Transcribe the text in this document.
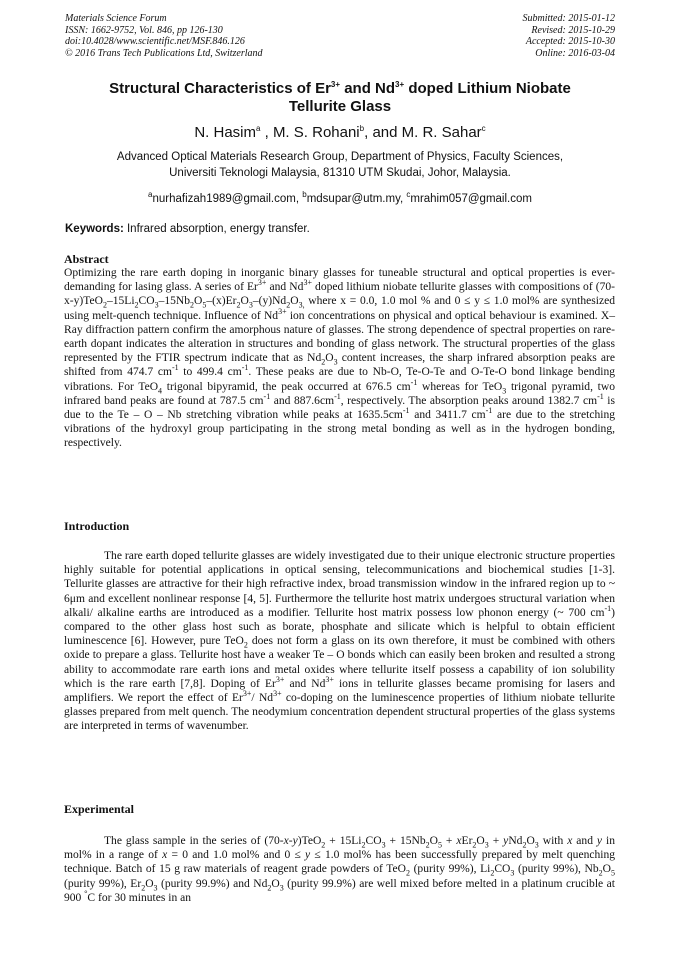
Materials Science Forum
ISSN: 1662-9752, Vol. 846, pp 126-130
doi:10.4028/www.scientific.net/MSF.846.126
© 2016 Trans Tech Publications Ltd, Switzerland
Submitted: 2015-01-12
Revised: 2015-10-29
Accepted: 2015-10-30
Online: 2016-03-04
Structural Characteristics of $Er^{3+}$ and $Nd^{3+}$ doped Lithium Niobate
Tellurite Glass
N. Hasim$^a$ , M. S. Rohani$^b$, and M. R. Sahar$^c$
Advanced Optical Materials Research Group, Department of Physics, Faculty Sciences,
Universiti Teknologi Malaysia, 81310 UTM Skudai, Johor, Malaysia.
$^a$nurhafizah1989@gmail.com, $^b$mdsupar@utm.my, $^c$mrahim057@gmail.com
Keywords: Infrared absorption, energy transfer.
Abstract
Optimizing the rare earth doping in inorganic binary glasses for tuneable structural and optical properties is ever-demanding for lasing glass. A series of $Er^{3+}$ and $Nd^{3+}$ doped lithium niobate tellurite glasses with compositions of $(70-x-y)TeO_2-15Li_2CO_3-15Nb_2O_5-(x)Er_2O_3-(y)Nd_2O_{3,}$ where x = 0.0, 1.0 mol % and 0 ≤ y ≤ 1.0 mol% are synthesized using melt-quench technique. Influence of $Nd^{3+}$ ion concentrations on physical and optical behaviour is examined. X–Ray diffraction pattern confirm the amorphous nature of glasses. The strong dependence of spectral properties on rare-earth dopant indicates the alteration in structures and bonding of glass network. The structural properties of the glass represented by the FTIR spectrum indicate that as $Nd_2O_3$ content increases, the sharp infrared absorption peaks are shifted from 474.7 $cm^{-1}$ to 499.4 $cm^{-1}$. These peaks are due to Nb-O, Te-O-Te and O-Te-O bond linkage bending vibrations. For TeO$_4$ trigonal bipyramid, the peak occurred at 676.5 $cm^{-1}$ whereas for TeO$_3$ trigonal pyramid, two infrared band peaks are found at 787.5 $cm^{-1}$ and $887.6cm^{-1}$, respectively. The absorption peaks around 1382.7 $cm^{-1}$ is due to the Te – O – Nb stretching vibration while peaks at $1635.5cm^{-1}$ and 3411.7 $cm^{-1}$ are due to the stretching vibrations of the hydroxyl group participating in the strong metal bonding as well as in the hydrogen bonding, respectively.
Introduction
The rare earth doped tellurite glasses are widely investigated due to their unique electronic structure properties highly suitable for potential applications in optical sensing, telecommunications and biochemical studies [1-3]. Tellurite glasses are attractive for their high refractive index, broad transmission window in the infrared region up to ~ 6μm and excellent nonlinear response [4, 5]. Furthermore the tellurite host matrix undergoes structural variation when alkali/ alkaline earths are introduced as a modifier. Tellurite host matrix possess low phonon energy (~ 700 $cm^{-1}$) compared to the other glass host such as borate, phosphate and silicate which is helpful to obtain efficient luminescence [6]. However, pure TeO$_2$ does not form a glass on its own therefore, it must be combined with others oxide to prepare a glass. Tellurite host have a weaker Te – O bonds which can easily been broken and resulted a strong ability to accommodate rare earth ions and metal oxides where tellurite itself possess a capability of ion solubility which is the rare earth [7,8]. Doping of $Er^{3+}$ and $Nd^{3+}$ ions in tellurite glasses became promising for lasers and amplifiers. We report the effect of $Er^{3+}/$ $Nd^{3+}$ co-doping on the luminescence properties of lithium niobate tellurite glasses prepared from melt quench. The neodymium concentration dependent structural properties of the glass systems are interpreted in terms of wavenumber.
Experimental
The glass sample in the series of $(70-x-y)TeO_2 + 15Li_2CO_3 + 15Nb_2O_5 + xEr_2O_3 + yNd_2O_3$ with x and y in mol% in a range of x = 0 and 1.0 mol% and 0 ≤ y ≤ 1.0 mol% has been successfully prepared by melt quenching technique. Batch of 15 g raw materials of reagent grade powders of TeO$_2$ (purity 99%), $Li_2CO_3$ (purity 99%), $Nb_2O_5$ (purity 99%), $Er_2O_3$ (purity 99.9%) and $Nd_2O_3$ (purity 99.9%) are well mixed before melted in a platinum crucible at 900 °C for 30 minutes in an
